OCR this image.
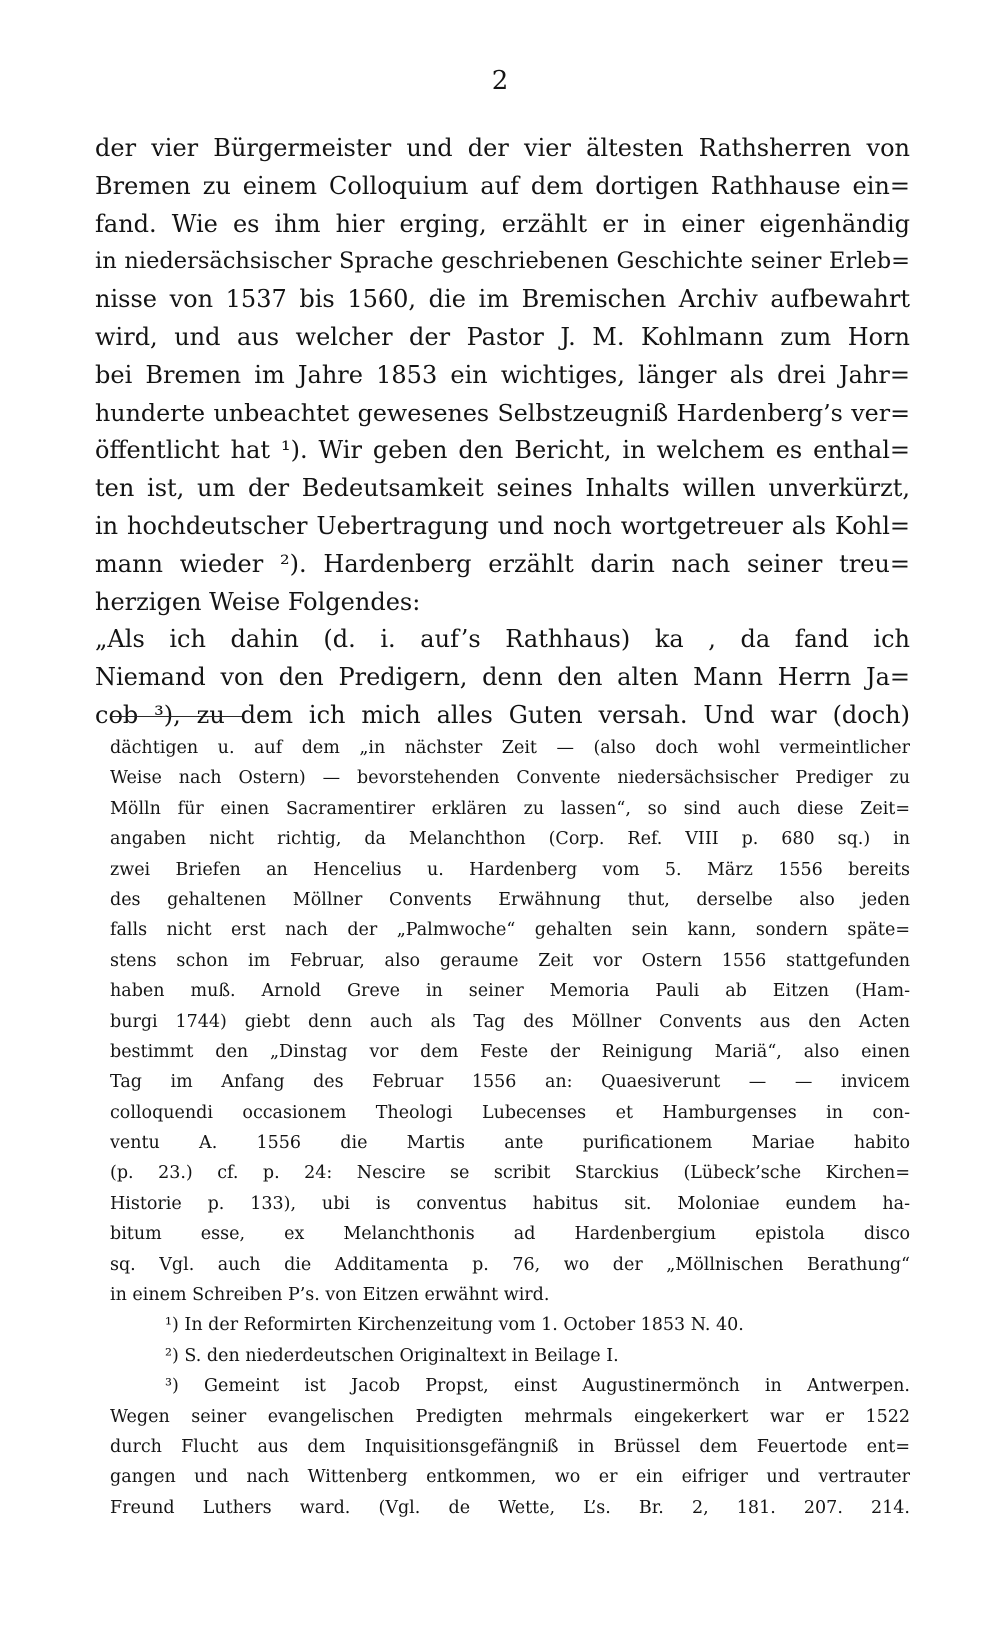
2
der vier Bürgermeister und der vier ältesten Rathsherren von
Bremen zu einem Colloquium auf dem dortigen Rathhause ein=
fand. Wie es ihm hier erging, erzählt er in einer eigenhändig
in niedersächsischer Sprache geschriebenen Geschichte seiner Erleb=
nisse von 1537 bis 1560, die im Bremischen Archiv aufbewahrt
wird, und aus welcher der Pastor J. M. Kohlmann zum Horn
bei Bremen im Jahre 1853 ein wichtiges, länger als drei Jahr=
hunderte unbeachtet gewesenes Selbstzeugniß Hardenberg’s ver=
öffentlicht hat ¹). Wir geben den Bericht, in welchem es enthal=
ten ist, um der Bedeutsamkeit seines Inhalts willen unverkürzt,
in hochdeutscher Uebertragung und noch wortgetreuer als Kohl=
mann wieder ²). Hardenberg erzählt darin nach seiner treu=
herzigen Weise Folgendes:
„Als ich dahin (d. i. auf’s Rathhaus) ka , da fand ich
Niemand von den Predigern, denn den alten Mann Herrn Ja=
cob ³), zu dem ich mich alles Guten versah. Und war (doch)
dächtigen u. auf dem „in nächster Zeit — (also doch wohl vermeintlicher
Weise nach Ostern) — bevorstehenden Convente niedersächsischer Prediger zu
Mölln für einen Sacramentirer erklären zu lassen“, so sind auch diese Zeit=
angaben nicht richtig, da Melanchthon (Corp. Ref. VIII p. 680 sq.) in
zwei Briefen an Hencelius u. Hardenberg vom 5. März 1556 bereits
des gehaltenen Möllner Convents Erwähnung thut, derselbe also jeden
falls nicht erst nach der „Palmwoche“ gehalten sein kann, sondern späte=
stens schon im Februar, also geraume Zeit vor Ostern 1556 stattgefunden
haben muß. Arnold Greve in seiner Memoria Pauli ab Eitzen (Ham-
burgi 1744) giebt denn auch als Tag des Möllner Convents aus den Acten
bestimmt den „Dinstag vor dem Feste der Reinigung Mariä“, also einen
Tag im Anfang des Februar 1556 an: Quaesiverunt — — invicem
colloquendi occasionem Theologi Lubecenses et Hamburgenses in con-
ventu A. 1556 die Martis ante purificationem Mariae habito
(p. 23.) cf. p. 24: Nescire se scribit Starckius (Lübeck’sche Kirchen=
Historie p. 133), ubi is conventus habitus sit. Moloniae eundem ha-
bitum esse, ex Melanchthonis ad Hardenbergium epistola disco
sq. Vgl. auch die Additamenta p. 76, wo der „Möllnischen Berathung“
in einem Schreiben P’s. von Eitzen erwähnt wird.
¹) In der Reformirten Kirchenzeitung vom 1. October 1853 N. 40.
²) S. den niederdeutschen Originaltext in Beilage I.
³) Gemeint ist Jacob Propst, einst Augustinermönch in Antwerpen.
Wegen seiner evangelischen Predigten mehrmals eingekerkert war er 1522
durch Flucht aus dem Inquisitionsgefängniß in Brüssel dem Feuertode ent=
gangen und nach Wittenberg entkommen, wo er ein eifriger und vertrauter
Freund Luthers ward. (Vgl. de Wette, L’s. Br. 2, 181. 207. 214.
